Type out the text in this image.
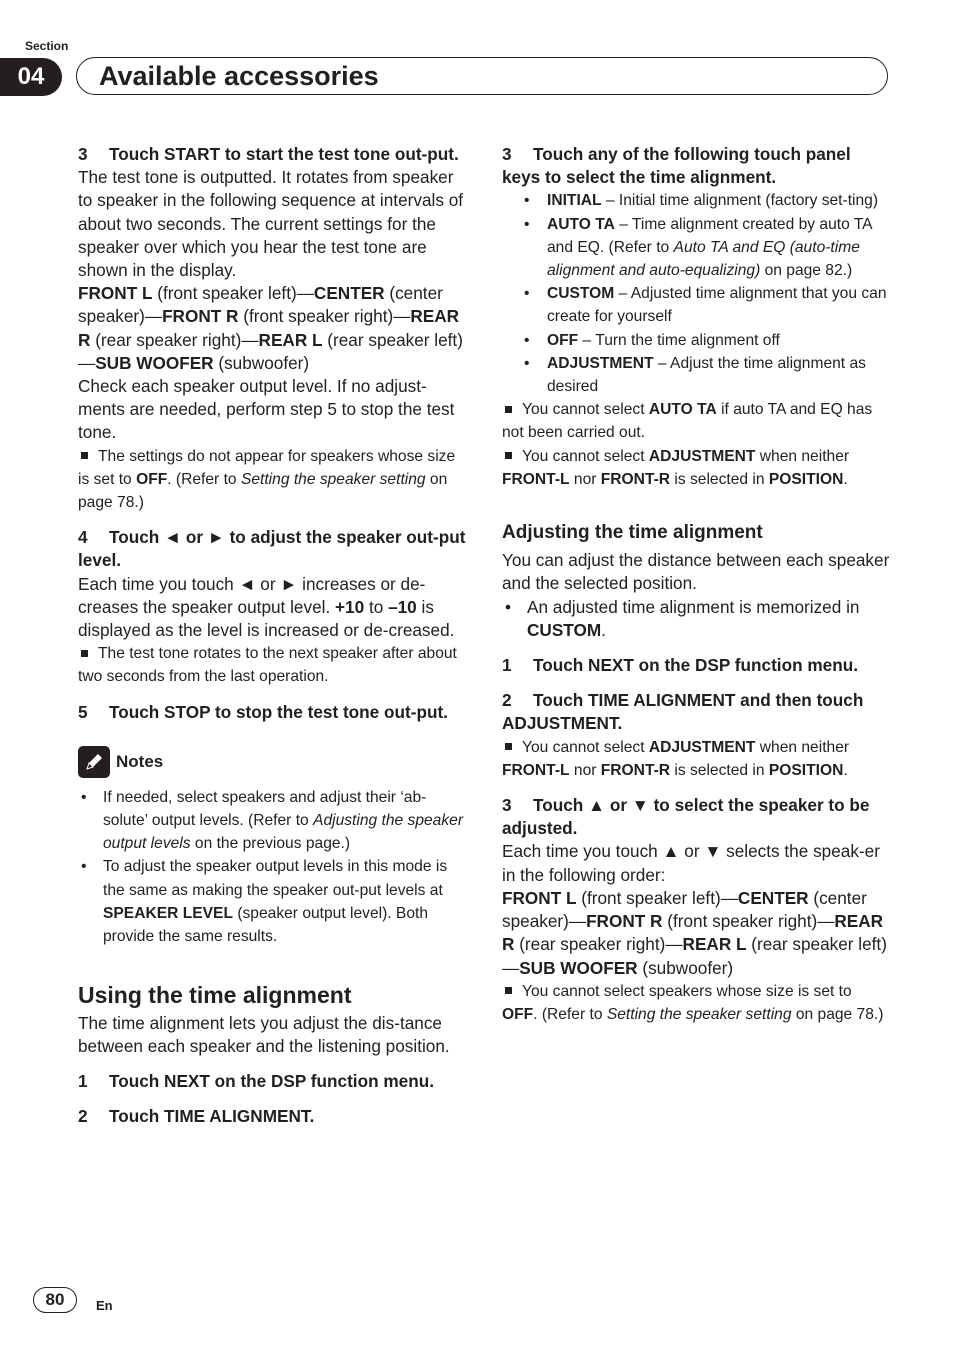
Section
04	Available accessories

3 Touch START to start the test tone out-put.

The test tone is outputted. It rotates from speaker to speaker in the following sequence at intervals of about two seconds. The current settings for the speaker over which you hear the test tone are shown in the display.

FRONT L (front speaker left)—CENTER (center speaker)—FRONT R (front speaker right)—REAR R (rear speaker right)—REAR L (rear speaker left)—SUB WOOFER (subwoofer)

Check each speaker output level. If no adjust-ments are needed, perform step 5 to stop the test tone.

The settings do not appear for speakers whose size is set to OFF. (Refer to Setting the speaker setting on page 78.)

4 Touch ◄ or ► to adjust the speaker out-put level.

Each time you touch ◄ or ► increases or de-creases the speaker output level. +10 to –10 is displayed as the level is increased or de-creased.

The test tone rotates to the next speaker after about two seconds from the last operation.

5 Touch STOP to stop the test tone out-put.

Notes

• If needed, select speakers and adjust their ‘ab-solute’ output levels. (Refer to Adjusting the speaker output levels on the previous page.)

• To adjust the speaker output levels in this mode is the same as making the speaker out-put levels at SPEAKER LEVEL (speaker output level). Both provide the same results.

Using the time alignment

The time alignment lets you adjust the dis-tance between each speaker and the listening position.

1 Touch NEXT on the DSP function menu.

2 Touch TIME ALIGNMENT.

3 Touch any of the following touch panel keys to select the time alignment.

• INITIAL – Initial time alignment (factory set-ting)

• AUTO TA – Time alignment created by auto TA and EQ. (Refer to Auto TA and EQ (auto-time alignment and auto-equalizing) on page 82.)

• CUSTOM – Adjusted time alignment that you can create for yourself

• OFF – Turn the time alignment off

• ADJUSTMENT – Adjust the time alignment as desired

You cannot select AUTO TA if auto TA and EQ has not been carried out.

You cannot select ADJUSTMENT when neither FRONT-L nor FRONT-R is selected in POSITION.

Adjusting the time alignment

You can adjust the distance between each speaker and the selected position.

• An adjusted time alignment is memorized in CUSTOM.

1 Touch NEXT on the DSP function menu.

2 Touch TIME ALIGNMENT and then touch ADJUSTMENT.

You cannot select ADJUSTMENT when neither FRONT-L nor FRONT-R is selected in POSITION.

3 Touch ▲ or ▼ to select the speaker to be adjusted.

Each time you touch ▲ or ▼ selects the speak-er in the following order:

FRONT L (front speaker left)—CENTER (center speaker)—FRONT R (front speaker right)—REAR R (rear speaker right)—REAR L (rear speaker left)—SUB WOOFER (subwoofer)

You cannot select speakers whose size is set to OFF. (Refer to Setting the speaker setting on page 78.)

80	En
